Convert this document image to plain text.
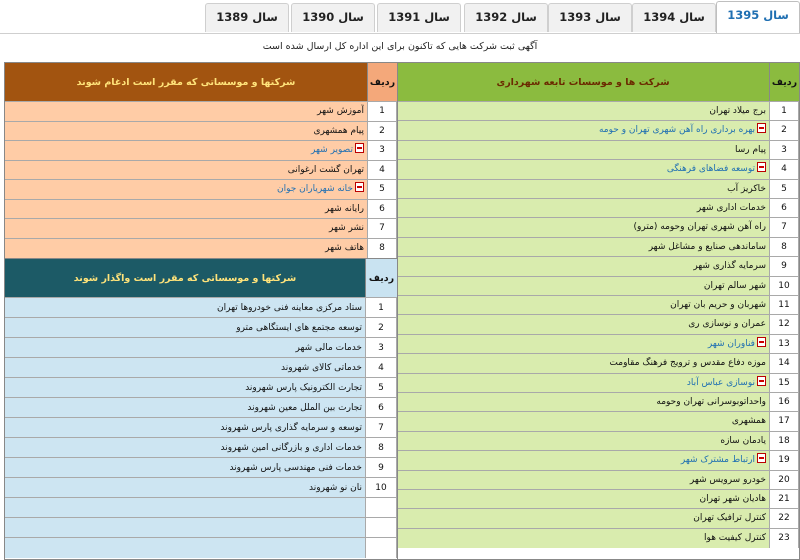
سال 1395
سال 1394
سال 1393
سال 1392
سال 1391
سال 1390
سال 1389
آگهی ثبت شرکت هایی که تاکنون برای این اداره کل ارسال شده است
ردیف
شرکت ها و موسسات تابعه شهرداری
1
برج میلاد تهران
2
بهره برداری راه آهن شهری تهران و حومه
3
پیام رسا
4
توسعه فضاهای فرهنگی
5
خاکریز آب
6
خدمات اداری شهر
7
راه آهن شهری تهران وحومه (مترو)
8
ساماندهی صنایع و مشاغل شهر
9
سرمایه گذاری شهر
10
شهر سالم تهران
11
شهربان و حریم بان تهران
12
عمران و نوسازی ری
13
فناوران شهر
14
موزه دفاع مقدس و ترویج فرهنگ مقاومت
15
نوسازی عباس آباد
16
واحداتوبوسرانی تهران وحومه
17
همشهری
18
یادمان سازه
19
ارتباط مشترک شهر
20
خودرو سرویس شهر
21
هادیان شهر تهران
22
کنترل ترافیک تهران
23
کنترل کیفیت هوا
ردیف
شرکتها و موسساتی که مقرر است ادغام شوند
1
آموزش شهر
2
پیام همشهری
3
تصویر شهر
4
تهران گشت ارغوانی
5
خانه شهریاران جوان
6
رایانه شهر
7
نشر شهر
8
هاتف شهر
ردیف
شرکتها و موسساتی که مقرر است واگذار شوند
1
ستاد مرکزی معاینه فنی خودروها تهران
2
توسعه مجتمع های ایستگاهی مترو
3
خدمات مالی شهر
4
خدماتی کالای شهروند
5
تجارت الکترونیک پارس شهروند
6
تجارت بین الملل معین شهروند
7
توسعه و سرمایه گذاری پارس شهروند
8
خدمات اداری و بازرگانی امین شهروند
9
خدمات فنی مهندسی پارس شهروند
10
نان نو شهروند
